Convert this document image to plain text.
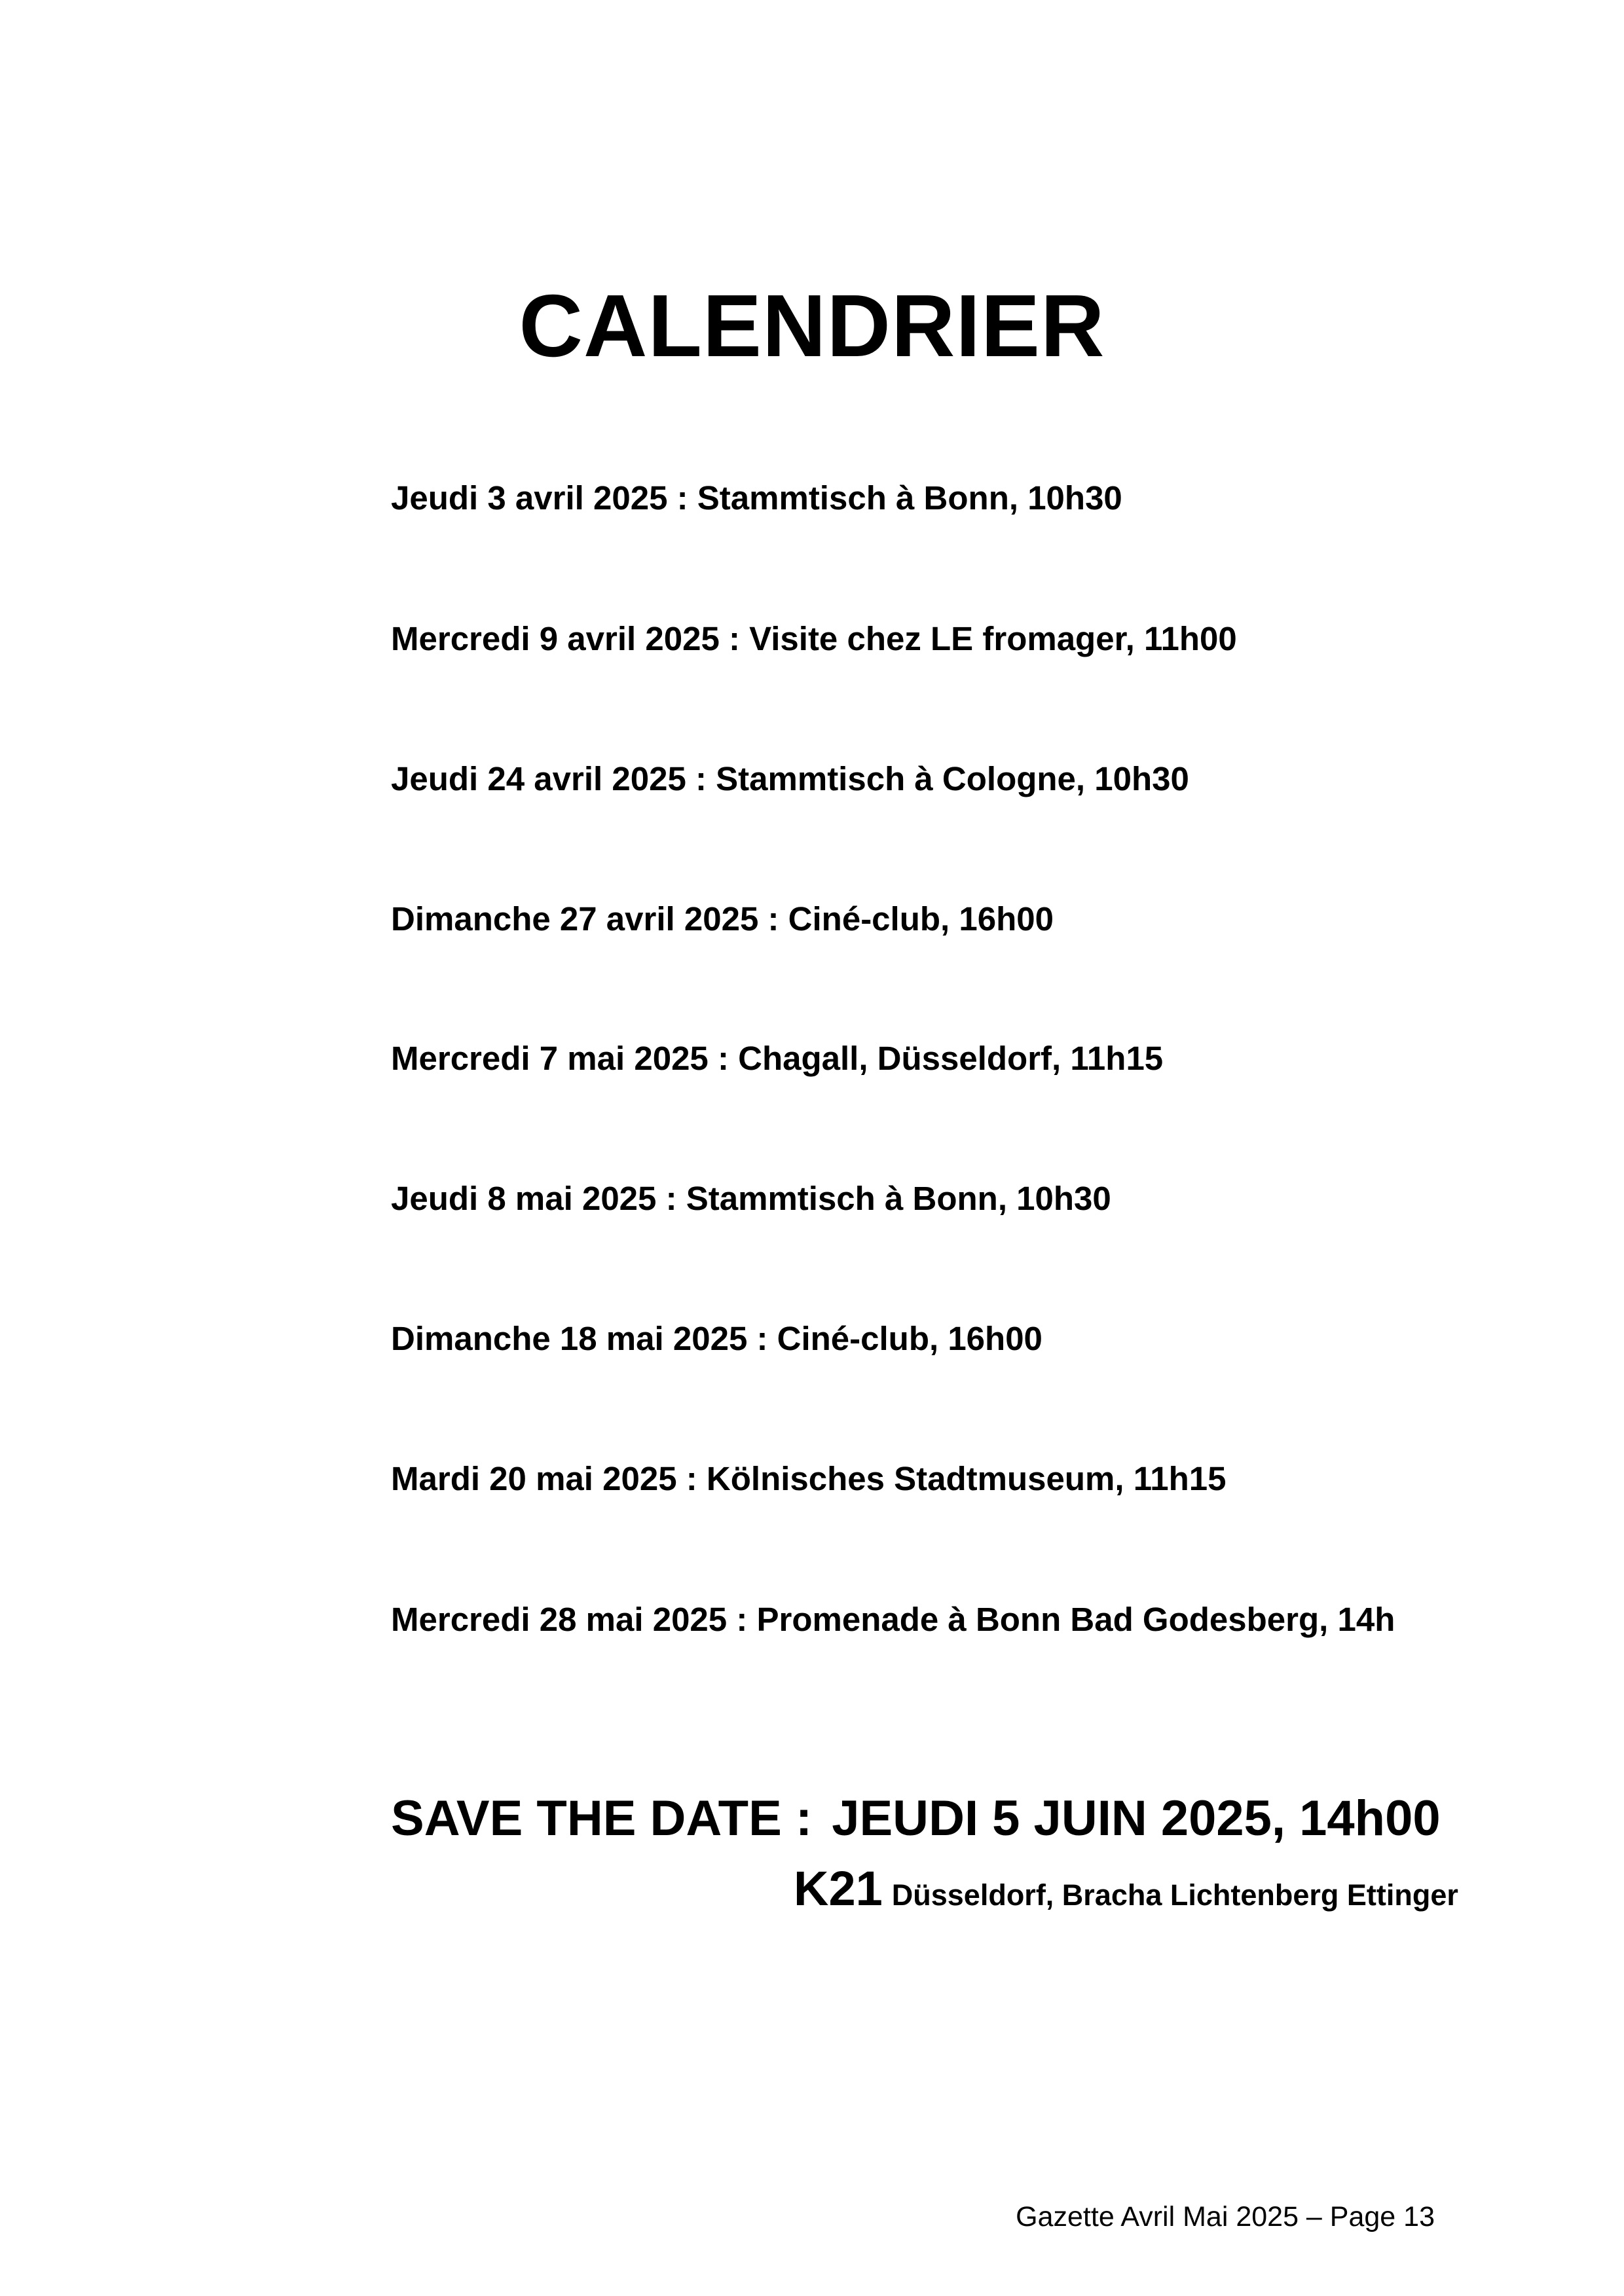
CALENDRIER
Jeudi 3 avril 2025 : Stammtisch à Bonn, 10h30
Mercredi 9 avril 2025 : Visite chez LE fromager, 11h00
Jeudi 24 avril 2025 : Stammtisch à Cologne, 10h30
Dimanche 27 avril 2025 : Ciné-club, 16h00
Mercredi 7 mai 2025 : Chagall, Düsseldorf, 11h15
Jeudi 8 mai 2025 : Stammtisch à Bonn, 10h30
Dimanche 18 mai 2025 : Ciné-club, 16h00
Mardi 20 mai 2025 : Kölnisches Stadtmuseum, 11h15
Mercredi 28 mai 2025 : Promenade à Bonn Bad Godesberg, 14h
SAVE THE DATE : JEUDI 5 JUIN 2025, 14h00
K21 Düsseldorf, Bracha Lichtenberg Ettinger
Gazette Avril Mai 2025 – Page 13
